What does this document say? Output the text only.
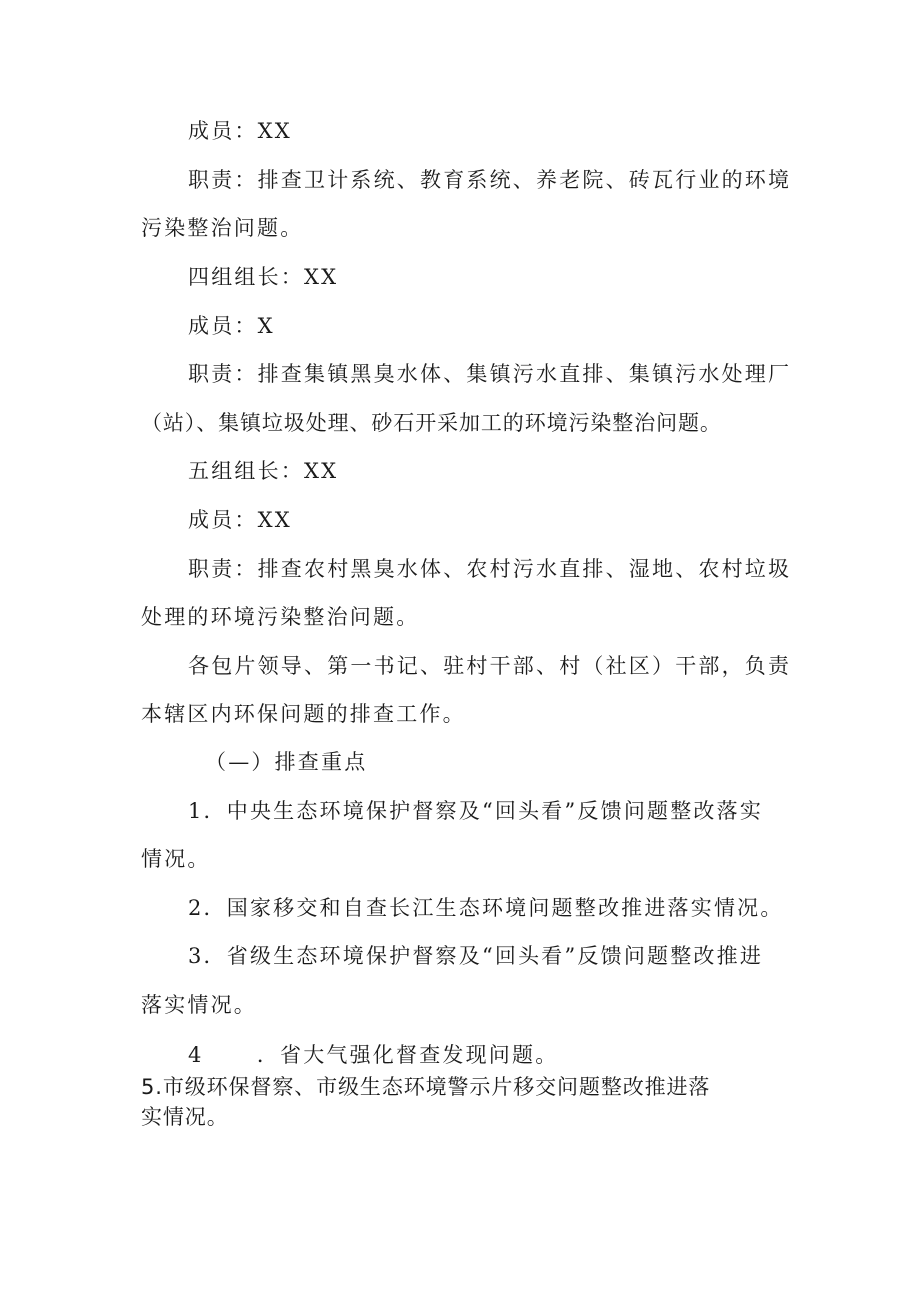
成员：XX
职责：排查卫计系统、教育系统、养老院、砖瓦行业的环境
污染整治问题。
四组组长：XX
成员：X
职责：排查集镇黑臭水体、集镇污水直排、集镇污水处理厂
（站）、集镇垃圾处理、砂石开采加工的环境污染整治问题。
五组组长：XX
成员：XX
职责：排查农村黑臭水体、农村污水直排、湿地、农村垃圾
处理的环境污染整治问题。
各包片领导、第一书记、驻村干部、村（社区）干部，负责
本辖区内环保问题的排查工作。
（—）排查重点
1．中央生态环境保护督察及“回头看”反馈问题整改落实
情况。
2．国家移交和自查长江生态环境问题整改推进落实情况。
3．省级生态环境保护督察及“回头看”反馈问题整改推进
落实情况。
4      ．省大气强化督查发现问题。
5.市级环保督察、市级生态环境警示片移交问题整改推进落
实情况。
